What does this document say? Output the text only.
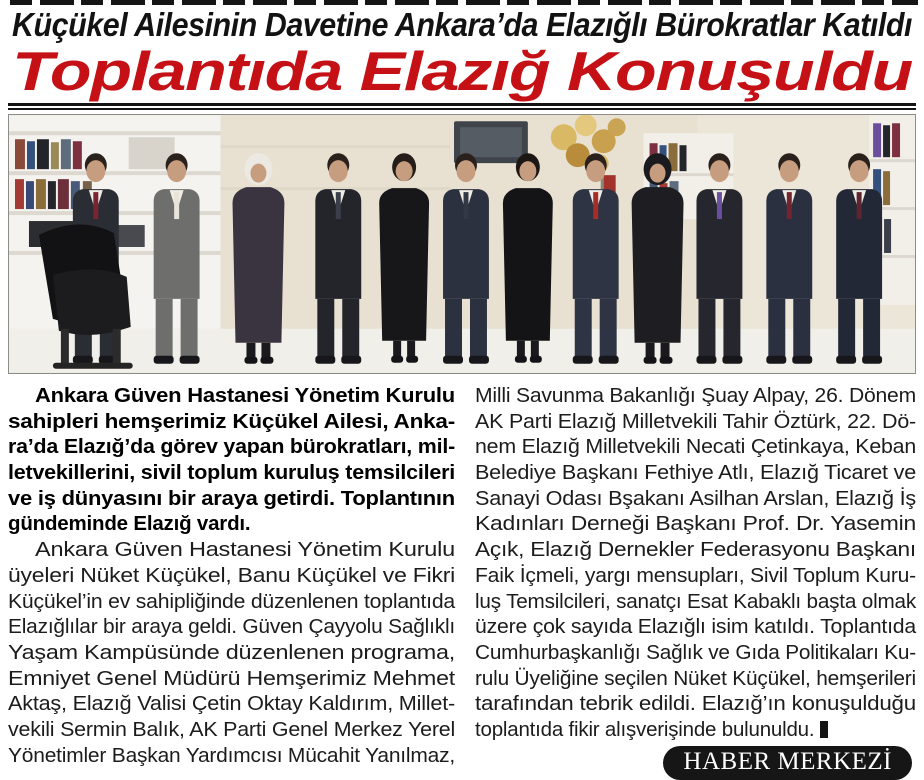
Küçükel Ailesinin Davetine Ankara’da Elazığlı Bürokratlar Katıldı
Toplantıda Elazığ Konuşuldu
Ankara Güven Hastanesi Yönetim Kurulu
sahipleri hemşerimiz Küçükel Ailesi, Anka-
ra’da Elazığ’da görev yapan bürokratları, mil-
letvekillerini, sivil toplum kuruluş temsilcileri
ve iş dünyasını bir araya getirdi. Toplantının
gündeminde Elazığ vardı.
Ankara Güven Hastanesi Yönetim Kurulu
üyeleri Nüket Küçükel, Banu Küçükel ve Fikri
Küçükel’in ev sahipliğinde düzenlenen toplantıda
Elazığlılar bir araya geldi. Güven Çayyolu Sağlıklı
Yaşam Kampüsünde düzenlenen programa,
Emniyet Genel Müdürü Hemşerimiz Mehmet
Aktaş, Elazığ Valisi Çetin Oktay Kaldırım, Millet-
vekili Sermin Balık, AK Parti Genel Merkez Yerel
Yönetimler Başkan Yardımcısı Mücahit Yanılmaz,
Milli Savunma Bakanlığı Şuay Alpay, 26. Dönem
AK Parti Elazığ Milletvekili Tahir Öztürk, 22. Dö-
nem Elazığ Milletvekili Necati Çetinkaya, Keban
Belediye Başkanı Fethiye Atlı, Elazığ Ticaret ve
Sanayi Odası Bşakanı Asilhan Arslan, Elazığ İş
Kadınları Derneği Başkanı Prof. Dr. Yasemin
Açık, Elazığ Dernekler Federasyonu Başkanı
Faik İçmeli, yargı mensupları, Sivil Toplum Kuru-
luş Temsilcileri, sanatçı Esat Kabaklı başta olmak
üzere çok sayıda Elazığlı isim katıldı. Toplantıda
Cumhurbaşkanlığı Sağlık ve Gıda Politikaları Ku-
rulu Üyeliğine seçilen Nüket Küçükel, hemşerileri
tarafından tebrik edildi. Elazığ’ın konuşulduğu
toplantıda fikir alışverişinde bulunuldu.
HABER MERKEZİ
